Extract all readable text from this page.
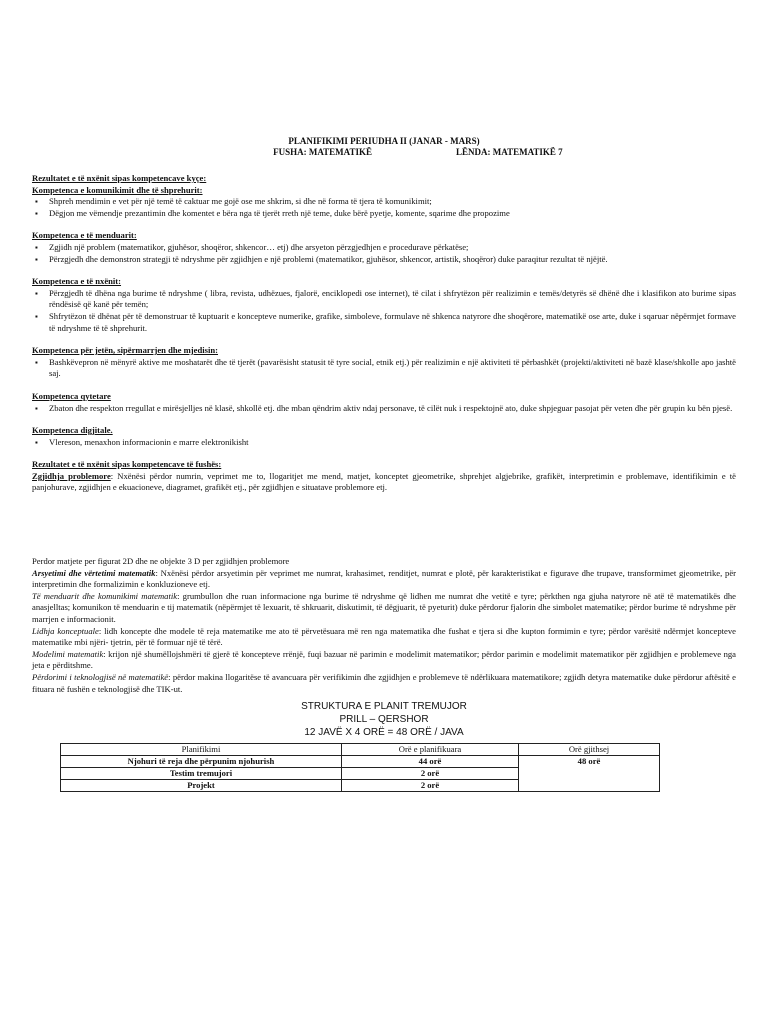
PLANIFIKIMI PERIUDHA II (JANAR - MARS)
FUSHA: MATEMATIKË	LËNDA: MATEMATIKË 7
Rezultatet e të nxënit sipas kompetencave kyçe:
Kompetenca e komunikimit dhe të shprehurit:
▪ Shpreh mendimin e vet për një temë të caktuar me gojë ose me shkrim, si dhe në forma të tjera të komunikimit;
▪ Dëgjon me vëmendje prezantimin dhe komentet e bëra nga të tjerët rreth një teme, duke bërë pyetje, komente, sqarime dhe propozime
Kompetenca e të menduarit:
▪ Zgjidh një problem (matematikor, gjuhësor, shoqëror, shkencor… etj) dhe arsyeton përzgjedhjen e procedurave përkatëse;
▪ Përzgjedh dhe demonstron strategji të ndryshme për zgjidhjen e një problemi (matematikor, gjuhësor, shkencor, artistik, shoqëror) duke paraqitur rezultat të njëjtë.
Kompetenca e të nxënit:
▪ Përzgjedh të dhëna nga burime të ndryshme ( libra, revista, udhëzues, fjalorë, enciklopedi ose internet), të cilat i shfrytëzon për realizimin e temës/detyrës së dhënë dhe i klasifikon ato burime sipas rëndësisë që kanë për temën;
▪ Shfrytëzon të dhënat për të demonstruar të kuptuarit e koncepteve numerike, grafike, simboleve, formulave në shkenca natyrore dhe shoqërore, matematikë ose arte, duke i sqaruar nëpërmjet formave të ndryshme të të shprehurit.
Kompetenca për jetën, sipërmarrjen dhe mjedisin:
▪ Bashkëvepron në mënyrë aktive me moshatarët dhe të tjerët (pavarësisht statusit të tyre social, etnik etj.) për realizimin e një aktiviteti të përbashkët (projekti/aktiviteti në bazë klase/shkolle apo jashtë saj.
Kompetenca qytetare
▪ Zbaton dhe respekton rregullat e mirësjelljes në klasë, shkollë etj. dhe mban qëndrim aktiv ndaj personave, të cilët nuk i respektojnë ato, duke shpjeguar pasojat për veten dhe për grupin ku bën pjesë.
Kompetenca digjitale.
▪ Vlereson, menaxhon informacionin e marre elektronikisht
Rezultatet e të nxënit sipas kompetencave të fushës:
Zgjidhja problemore: Nxënësi përdor numrin, veprimet me to, llogaritjet me mend, matjet, konceptet gjeometrike, shprehjet algjebrike, grafikët, interpretimin e problemave, identifikimin e të panjohurave, zgjidhjen e ekuacioneve, diagramet, grafikët etj., për zgjidhjen e situatave problemore etj.
Perdor matjete per figurat 2D dhe ne objekte 3 D per zgjidhjen problemore
Arsyetimi dhe vërtetimi matematik: Nxënësi përdor arsyetimin për veprimet me numrat, krahasimet, renditjet, numrat e plotë, për karakteristikat e figurave dhe trupave, transformimet gjeometrike, për interpretimin dhe formalizimin e konkluzioneve etj.
Të menduarit dhe komunikimi matematik: grumbullon dhe ruan informacione nga burime të ndryshme që lidhen me numrat dhe vetitë e tyre; përkthen nga gjuha natyrore në atë të matematikës dhe anasjelltas; komunikon të menduarin e tij matematik (nëpërmjet të lexuarit, të shkruarit, diskutimit, të dëgjuarit, të pyeturit) duke përdorur fjalorin dhe simbolet matematike; përdor burime të ndryshme për marrjen e informacionit.
Lidhja konceptuale: lidh koncepte dhe modele të reja matematike me ato të përvetësuara më ren nga matematika dhe fushat e tjera si dhe kupton formimin e tyre; përdor varësitë ndërmjet koncepteve matematike mbi njëri- tjetrin, për të formuar një të tërë.
Modelimi matematik: krijon një shumëllojshmëri të gjerë të koncepteve rrënjë, fuqi bazuar në parimin e modelimit matematikor; përdor parimin e modelimit matematikor për zgjidhjen e problemeve nga jeta e përditshme.
Përdorimi i teknologjisë në matematikë: përdor makina llogaritëse të avancuara për verifikimin dhe zgjidhjen e problemeve të ndërlikuara matematikore; zgjidh detyra matematike duke përdorur aftësitë e fituara në fushën e teknologjisë dhe TIK-ut.
STRUKTURA E PLANIT TREMUJOR
PRILL – QERSHOR
12 JAVË X 4 ORË = 48 ORË / JAVA
Planifikimi	Orë e planifikuara	Orë gjithsej
Njohuri të reja dhe përpunim njohurish	44 orë	48 orë
Testim tremujori	2 orë	
Projekt	2 orë	
